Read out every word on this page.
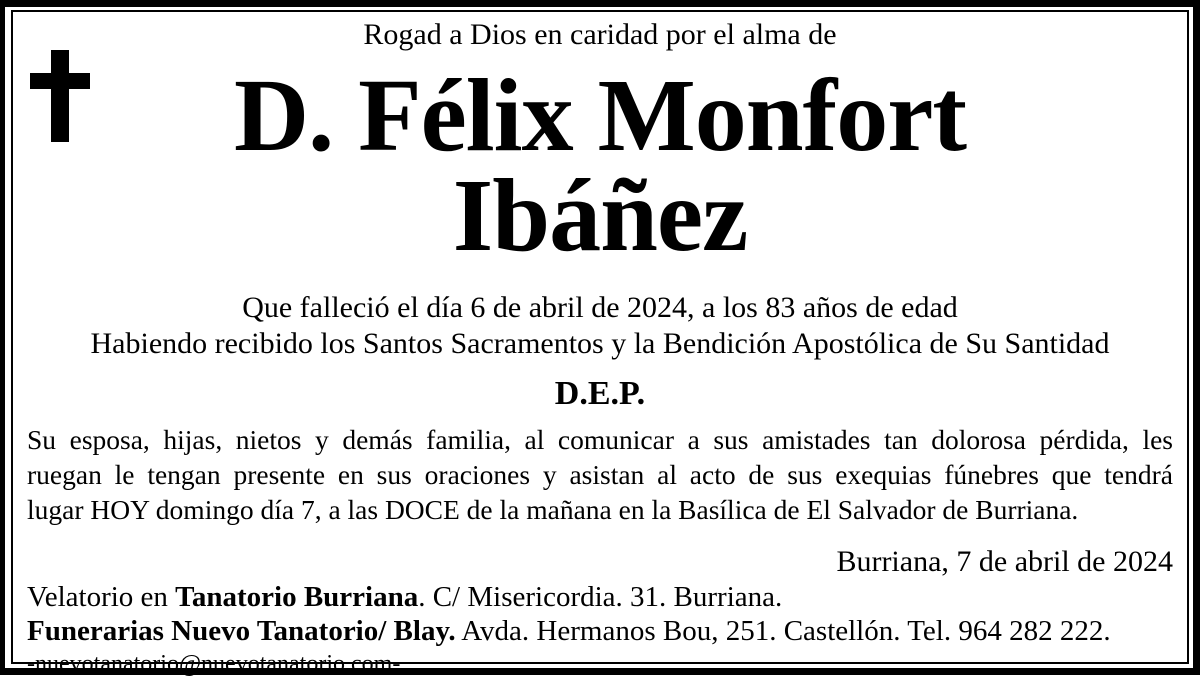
Rogad a Dios en caridad por el alma de
D. Félix Monfort Ibáñez
Que falleció el día 6 de abril de 2024, a los 83 años de edad
Habiendo recibido los Santos Sacramentos y la Bendición Apostólica de Su Santidad
D.E.P.
Su esposa, hijas, nietos y demás familia, al comunicar a sus amistades tan dolorosa pérdida, les
ruegan le tengan presente en sus oraciones y asistan al acto de sus exequias fúnebres que tendrá
lugar HOY domingo día 7, a las DOCE de la mañana en la Basílica de El Salvador de Burriana.
Burriana, 7 de abril de 2024
Velatorio en Tanatorio Burriana. C/ Misericordia. 31. Burriana.
Funerarias Nuevo Tanatorio/ Blay. Avda. Hermanos Bou, 251. Castellón. Tel. 964 282 222.
-nuevotanatorio@nuevotanatorio.com-
